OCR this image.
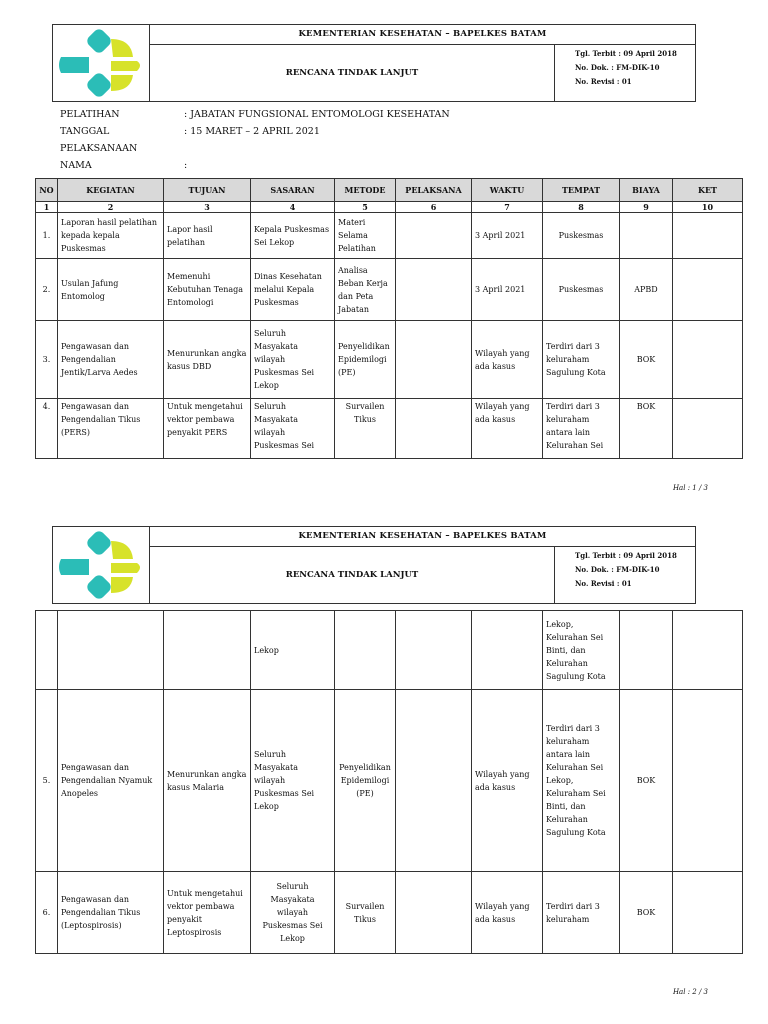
KEMENTERIAN KESEHATAN – BAPELKES BATAM
RENCANA TINDAK LANJUT
Tgl. Terbit : 09 April 2018
No. Dok. : FM-DIK-10
No. Revisi : 01
PELATIHAN	: JABATAN FUNGSIONAL ENTOMOLOGI KESEHATAN
TANGGAL PELAKSANAAN
: 15 MARET – 2 APRIL 2021
NAMA	:
NO	KEGIATAN	TUJUAN	SASARAN	METODE	PELAKSANA	WAKTU	TEMPAT	BIAYA	KET
1	2	3	4	5	6	7	8	9	10
1.	Laporan hasil pelatihan kepada kepala Puskesmas	Lapor hasil pelatihan	Kepala Puskesmas Sei Lekop	Materi Selama Pelatihan		3 April 2021	Puskesmas		
2.	Usulan Jafung Entomolog	Memenuhi Kebutuhan Tenaga Entomologi	Dinas Kesehatan melalui Kepala Puskesmas	Analisa Beban Kerja dan Peta Jabatan		3 April 2021	Puskesmas	APBD	
3.	Pengawasan dan Pengendalian Jentik/Larva Aedes	Menurunkan angka kasus DBD	Seluruh Masyakata wilayah Puskesmas Sei Lekop	Penyelidikan Epidemilogi (PE)		Wilayah yang ada kasus	Terdiri dari 3 keluraham Sagulung Kota	BOK	
4.	Pengawasan dan Pengendalian Tikus (PERS)	Untuk mengetahui vektor pembawa penyakit PERS	Seluruh Masyakata wilayah Puskesmas Sei	Survailen Tikus		Wilayah yang ada kasus	Terdiri dari 3 keluraham antara lain Kelurahan Sei	BOK	
Hal : 1 / 3
KEMENTERIAN KESEHATAN – BAPELKES BATAM
RENCANA TINDAK LANJUT
Tgl. Terbit : 09 April 2018
No. Dok. : FM-DIK-10
No. Revisi : 01
			Lekop				Lekop, Kelurahan Sei Binti, dan Kelurahan Sagulung Kota		
5.	Pengawasan dan Pengendalian Nyamuk Anopeles	Menurunkan angka kasus Malaria	Seluruh Masyakata wilayah Puskesmas Sei Lekop	Penyelidikan Epidemilogi (PE)		Wilayah yang ada kasus	Terdiri dari 3 keluraham antara lain Kelurahan Sei Lekop, Keluraham Sei Binti, dan Kelurahan Sagulung Kota	BOK	
6.	Pengawasan dan Pengendalian Tikus (Leptospirosis)	Untuk mengetahui vektor pembawa penyakit Leptospirosis	Seluruh Masyakata wilayah Puskesmas Sei Lekop	Survailen Tikus		Wilayah yang ada kasus	Terdiri dari 3 keluraham	BOK	
Hal : 2 / 3
